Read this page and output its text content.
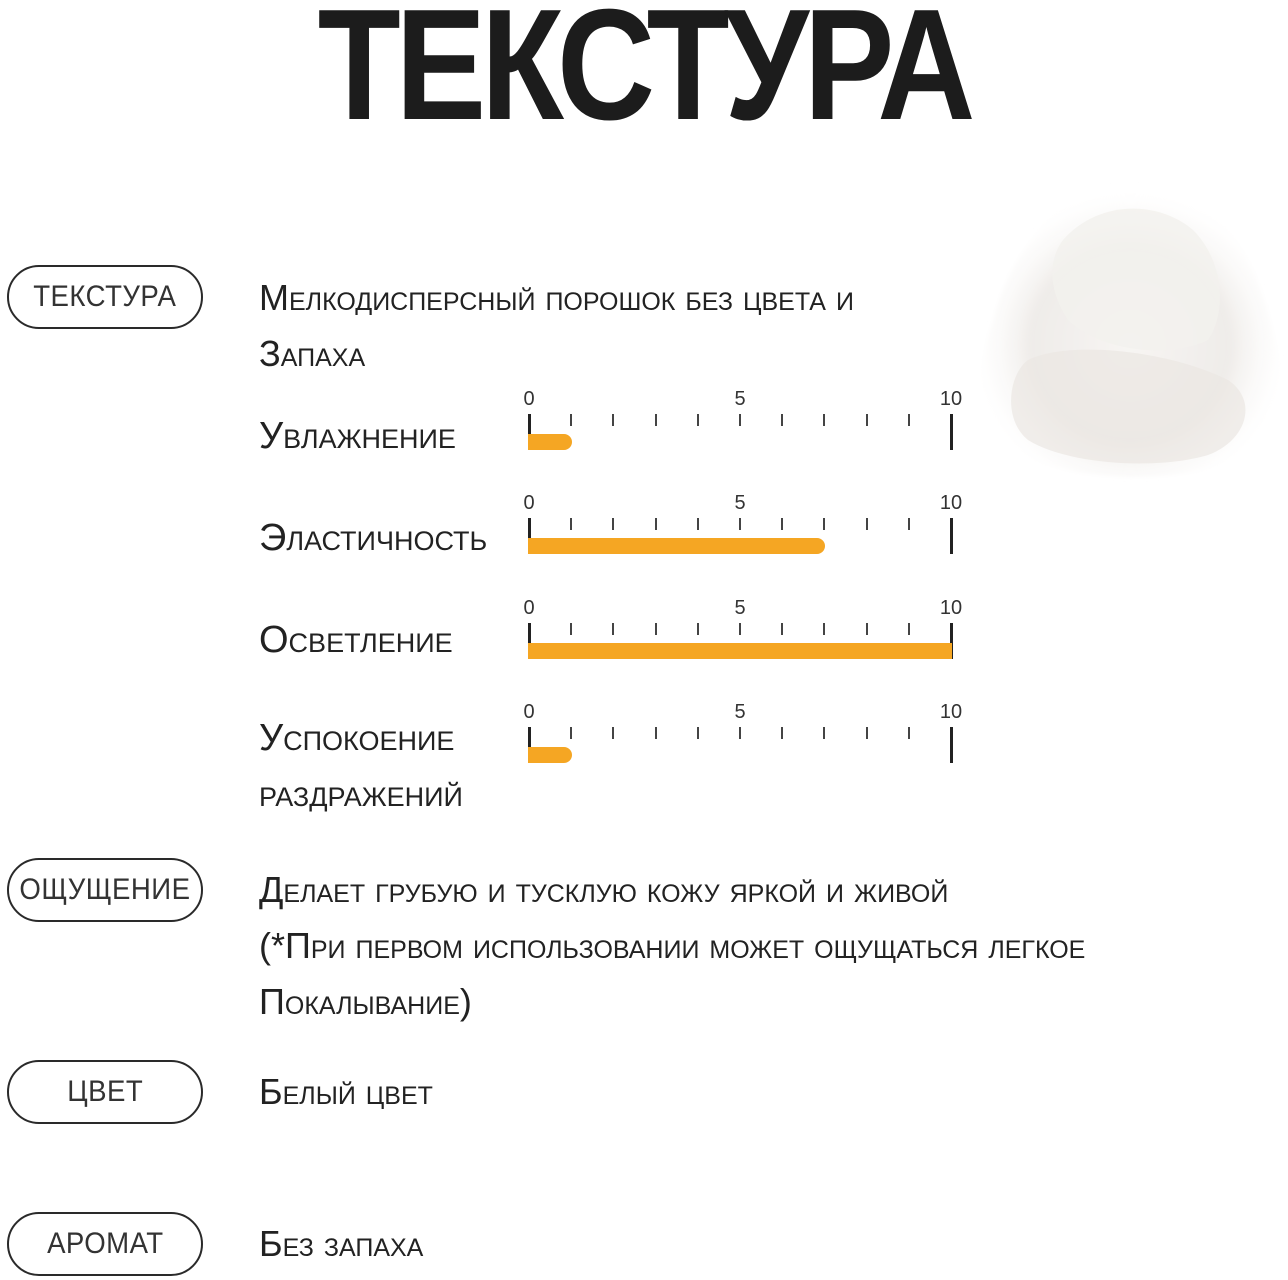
ТЕКСТУРА
ТЕКСТУРА мелкодисперсный порошок без цвета и
Запаха
Увлажнение
0	5	10
Эластичность
0	5	10
Осветление
0	5	10
Успокоение
раздражений
0	5	10
ОЩУЩЕНИЕ делает грубую и тусклую кожу яркой и живой
(*При первом использовании может ощущаться легкое
Покалывание)
ЦВЕТ	белый цвет
АРОМАТ	без запаха
